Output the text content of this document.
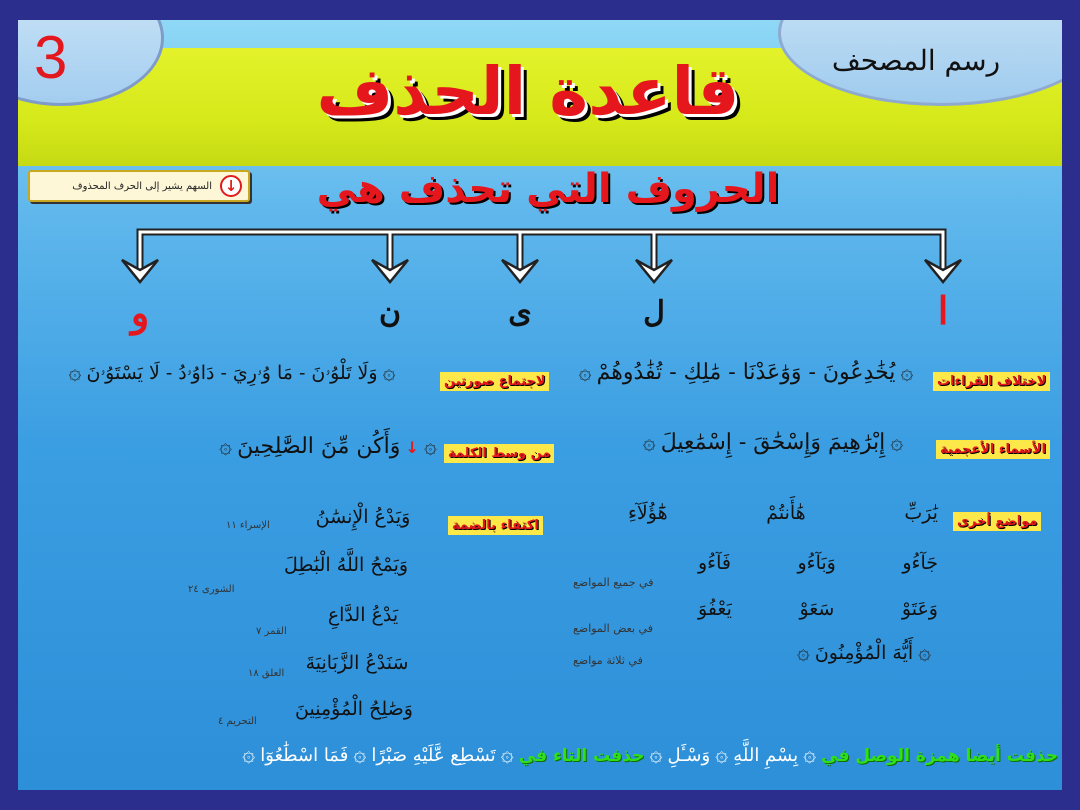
3	رسم المصحف
قاعدة الحذف
الحروف التي تحذف هي
السهم يشير إلى الحرف المحذوف ↓
ا
ل
ى
ن
و
لاختلاف القراءات
۞ يُخَٰدِعُونَ - وَوَٰعَدْنَا - مَٰلِكِ - تُفَٰدُوهُمْ ۞
لاجتماع صورتين
۞ وَلَا تَلْوُۥنَ - مَا وُۥرِيَ - دَاوُۥدُ - لَا يَسْتَوُۥنَ ۞
الأسماء الأعجمية
۞ إِبْرَٰهِيمَ وَإِسْحَٰقَ - إِسْمَٰعِيلَ ۞
من وسط الكلمة
۞ وَأَكُن مِّنَ الصَّٰلِحِينَ ↓ ۞
مواضع أخرى
يَٰرَبِّ
هَٰأَنتُمْ
هَٰٓؤُلَآءِ
جَآءُو
وَبَآءُو
فَآءُو
في جميع المواضع
وَعَتَوْ
سَعَوْ
يَعْفُوَ
في بعض المواضع
۞ أَيُّهَ الْمُؤْمِنُونَ ۞
في ثلاثة مواضع
اكتفاء بالضمة
وَيَدْعُ الْإِنسَٰنُ
الإسراء ١١
وَيَمْحُ اللَّهُ الْبَٰطِلَ
الشورى ٢٤
يَدْعُ الدَّاعِ
القمر ٧
سَنَدْعُ الزَّبَانِيَةَ
العلق ١٨
وَصَٰلِحُ الْمُؤْمِنِينَ
التحريم ٤
حذفت أيضا همزة الوصل في ۞ بِسْمِ اللَّهِ ۞ وَسْـَٔلِ ۞ حذفت التاء في ۞ تَسْطِع عَّلَيْهِ صَبْرًا ۞ فَمَا اسْطَٰعُوٓا ۞
